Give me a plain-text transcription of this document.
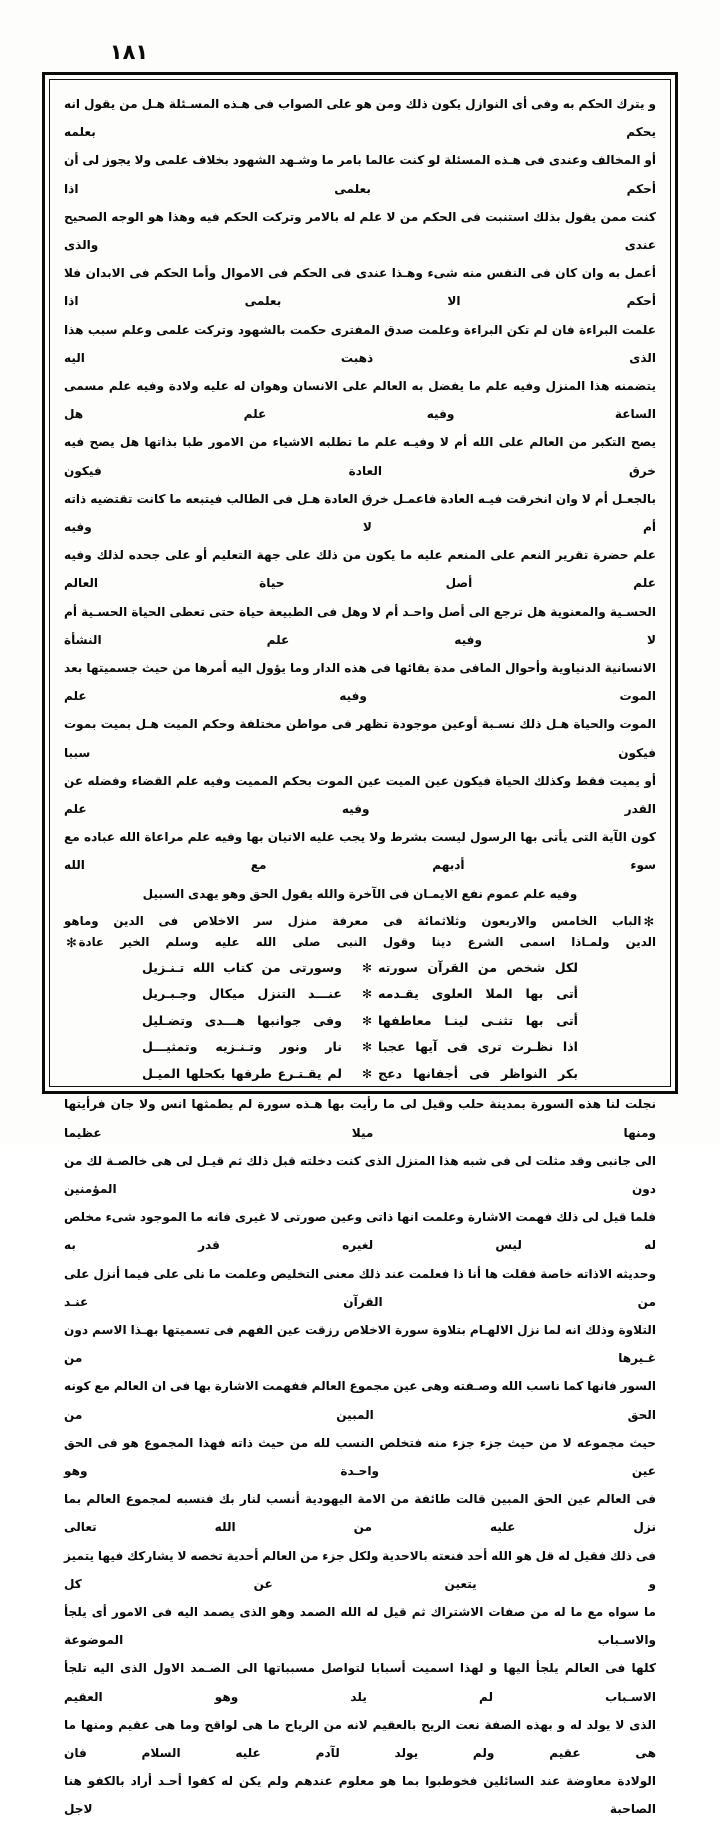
١٨١

و يترك الحكم به وفى أى النوازل يكون ذلك ومن هو على الصواب فى هـذه المسـئلة هـل من يقول انه يحكم بعلمه

أو المخالف وعندى فى هـذه المسئلة لو كنت عالما بامر ما وشـهد الشهود بخلاف علمى ولا يجوز لى أن أحكم بعلمى اذا

كنت ممن يقول بذلك استنبت فى الحكم من لا علم له بالامر وتركت الحكم فيه وهذا هو الوجه الصحيح عندى والذى

أعمل به وان كان فى النفس منه شىء وهـذا عندى فى الحكم فى الاموال وأما الحكم فى الابدان فلا أحكم الا بعلمى اذا

علمت البراءة فان لم تكن البراءة وعلمت صدق المفترى حكمت بالشهود وتركت علمى وعلم سبب هذا الذى ذهبت اليه

يتضمنه هذا المنزل وفيه علم ما يفضل به العالم على الانسان وهوان له عليه ولادة وفيه علم مسمى الساعة وفيه علم هل

يصح التكبر من العالم على الله أم لا وفيـه علم ما تطلبه الاشياء من الامور طبا بذاتها هل يصح فيه خرق العادة فيكون

بالجعـل أم لا وان انخرقت فيـه العادة فاعمـل خرق العادة هـل فى الطالب فيتبعه ما كانت تقتضيه ذاته أم لا وفيه

علم حضرة تقرير النعم على المنعم عليه ما يكون من ذلك على جهة التعليم أو على جحده لذلك وفيه علم أصل حياة العالم

الحسـية والمعنوية هل ترجع الى أصل واحـد أم لا وهل فى الطبيعة حياة حتى تعطى الحياة الحسـية أم لا وفيه علم النشأة

الانسانية الدنياوية وأحوال المافى مدة بقائها فى هذه الدار وما يؤول اليه أمرها من حيث جسميتها بعد الموت وفيه علم

الموت والحياة هـل ذلك نسـبة أوعين موجودة تظهر فى مواطن مختلفة وحكم الميت هـل بميت بموت فيكون سببا

أو يميت فقط وكذلك الحياة فيكون عين الميت عين الموت بحكم المميت وفيه علم القضاء وفضله عن القدر وفيه علم

كون الآية التى يأتى بها الرسول ليست بشرط ولا يجب عليه الاتيان بها وفيه علم مراعاة الله عباده مع سوء أدبهم مع الله

وفيه علم عموم نفع الايمـان فى الآخرة والله يقول الحق وهو يهدى السبيل

✻الباب الخامس والاربعون وثلاثمائة فى معرفة منزل سر الاخلاص فى الدين وماهو
الدين ولمـاذا اسمى الشرع دينا وقول النبى صلى الله عليه وسلم الخير عادة✻
لكل شخص من القرآن سورته
✻
وسورتى من كتاب الله تـنـزيل
أتى بها الملا العلوى يقـدمه
✻
عنـــد التنزل ميكال وجـبـريل
أتى بها تثنـى لينـا معاطفها
✻
وفى جوانبها هـــدى وتضـليل
اذا نظـرت ترى فى آيها عجبا
✻
نار ونور وتـنـزيه وتمثيـــل
بكر النواظر فى أجفانها دعج
✻
لم يقـتـرع طرفها بكحلها الميـل

نجلت لنا هذه السورة بمدينة حلب وقيل لى ما رأيت بها هـذه سورة لم يطمثها انس ولا جان فرأيتها ومنها ميلا عظيما

الى جانبى وقد مثلت لى فى شبه هذا المنزل الذى كنت دخلته قبل ذلك ثم قيـل لى هى خالصـة لك من دون المؤمنين

فلما قيل لى ذلك فهمت الاشارة وعلمت انها ذاتى وعين صورتى لا غيرى فانه ما الموجود شىء مخلص له ليس لغيره قدر به

وحديثه الاذاته خاصة فقلت ها أنا ذا فعلمت عند ذلك معنى التخليص وعلمت ما نلى على فيما أنزل على من القرآن عنـد

التلاوة وذلك انه لما نزل الالهـام بتلاوة سورة الاخلاص رزقت عين الفهم فى تسميتها بهـذا الاسم دون غـيرها من

السور فانها كما ناسب الله وصـفته وهى عين مجموع العالم ففهمت الاشارة بها فى ان العالم مع كونه الحق المبين من

حيث مجموعه لا من حيث جزء جزء منه فتخلص النسب لله من حيث ذاته فهذا المجموع هو فى الحق عين واحـدة وهو

فى العالم عين الحق المبين قالت طائفة من الامة اليهودية أنسب لنار بك فنسبه لمجموع العالم بما نزل عليه من الله تعالى

فى ذلك فقيل له قل هو الله أحد فنعته بالاحدية ولكل جزء من العالم أحدية تخصه لا يشاركك فيها يتميز و يتعين عن كل

ما سواه مع ما له من صفات الاشتراك ثم قيل له الله الصمد وهو الذى يصمد اليه فى الامور أى يلجأ والاسـباب الموضوعة

كلها فى العالم يلجأ اليها و لهذا اسميت أسبابا لتواصل مسبباتها الى الصـمد الاول الذى اليه تلجأ الاسـباب لم يلد وهو العقيم

الذى لا يولد له و بهذه الصفة نعت الريح بالعقيم لانه من الرياح ما هى لواقح وما هى عقيم ومنها ما هى عقيم ولم يولد لآدم عليه السلام فان

الولادة معاوضة عند السائلين فخوطبوا بما هو معلوم عندهم ولم يكن له كفوا أحـد أراد بالكفو هنا الصاحبة لاجل
